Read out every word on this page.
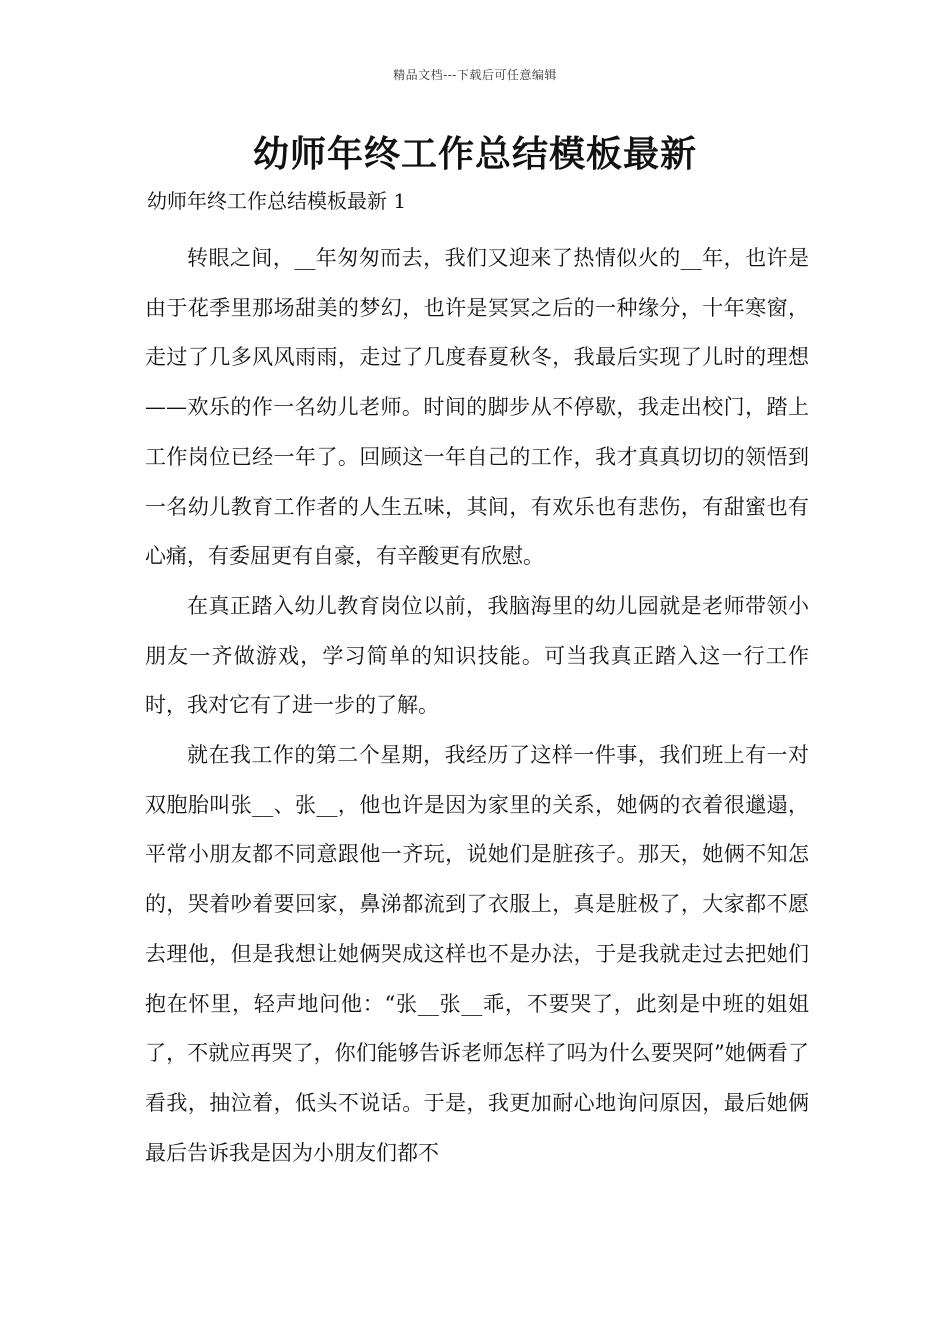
精品文档---下载后可任意编辑
幼师年终工作总结模板最新
幼师年终工作总结模板最新 1

转眼之间，__年匆匆而去，我们又迎来了热情似火的__年，也许是由于花季里那场甜美的梦幻，也许是冥冥之后的一种缘分，十年寒窗，走过了几多风风雨雨，走过了几度春夏秋冬，我最后实现了儿时的理想——欢乐的作一名幼儿老师。时间的脚步从不停歇，我走出校门，踏上工作岗位已经一年了。回顾这一年自己的工作，我才真真切切的领悟到一名幼儿教育工作者的人生五味，其间，有欢乐也有悲伤，有甜蜜也有心痛，有委屈更有自豪，有辛酸更有欣慰。

在真正踏入幼儿教育岗位以前，我脑海里的幼儿园就是老师带领小朋友一齐做游戏，学习简单的知识技能。可当我真正踏入这一行工作时，我对它有了进一步的了解。

就在我工作的第二个星期，我经历了这样一件事，我们班上有一对双胞胎叫张__、张__，他也许是因为家里的关系，她俩的衣着很邋遢，平常小朋友都不同意跟他一齐玩，说她们是脏孩子。那天，她俩不知怎的，哭着吵着要回家，鼻涕都流到了衣服上，真是脏极了，大家都不愿去理他，但是我想让她俩哭成这样也不是办法，于是我就走过去把她们抱在怀里，轻声地问他：“张__张__乖，不要哭了，此刻是中班的姐姐了，不就应再哭了，你们能够告诉老师怎样了吗为什么要哭阿”她俩看了看我，抽泣着，低头不说话。于是，我更加耐心地询问原因，最后她俩最后告诉我是因为小朋友们都不
